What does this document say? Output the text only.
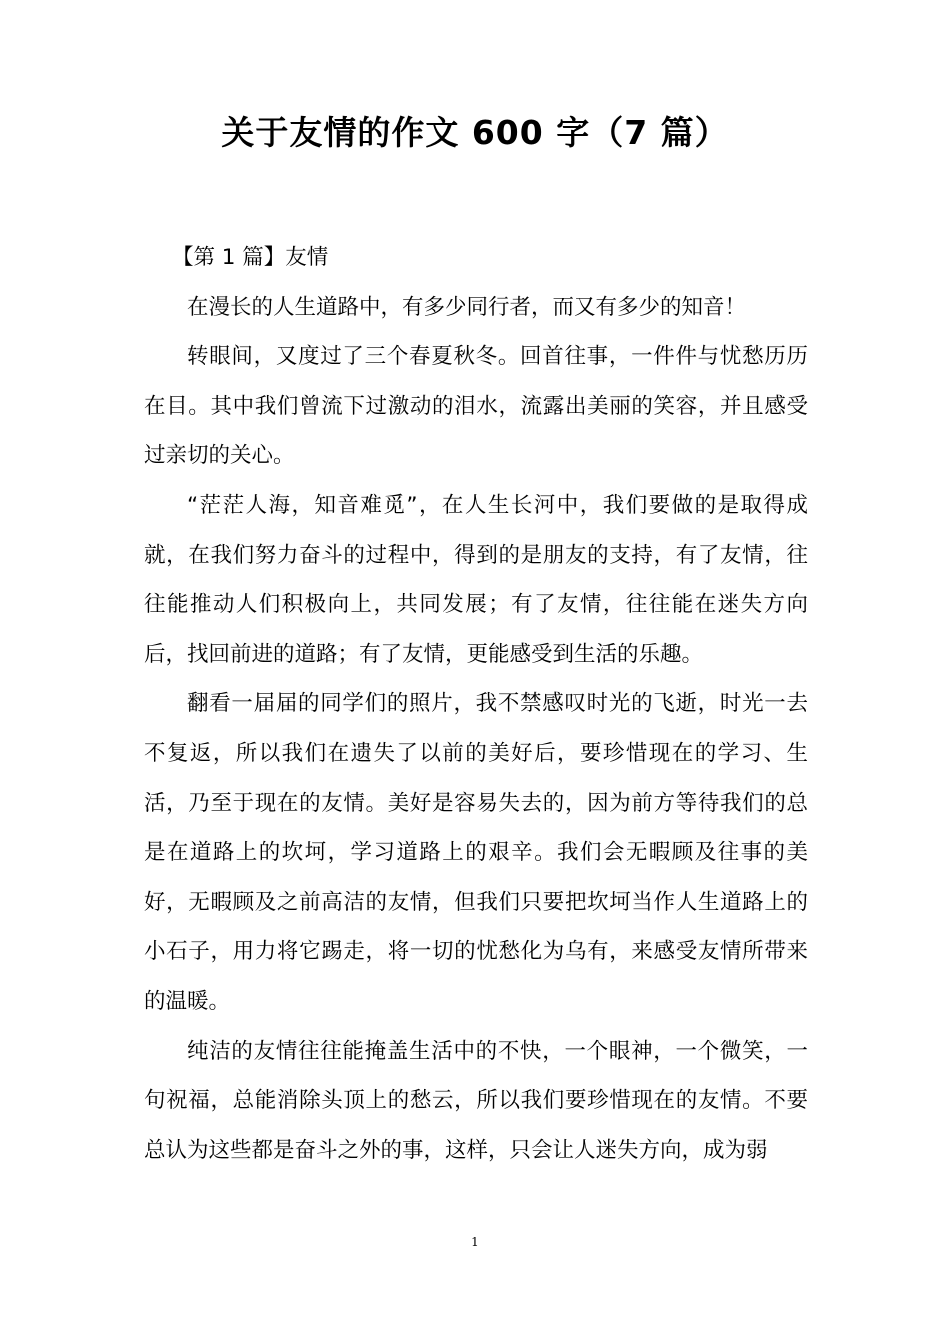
关于友情的作文 600 字（7 篇）

【第 1 篇】友情

在漫长的人生道路中，有多少同行者，而又有多少的知音！

转眼间，又度过了三个春夏秋冬。回首往事，一件件与忧愁历历在目。其中我们曾流下过激动的泪水，流露出美丽的笑容，并且感受过亲切的关心。

“茫茫人海，知音难觅”，在人生长河中，我们要做的是取得成就，在我们努力奋斗的过程中，得到的是朋友的支持，有了友情，往往能推动人们积极向上，共同发展；有了友情，往往能在迷失方向后，找回前进的道路；有了友情，更能感受到生活的乐趣。

翻看一届届的同学们的照片，我不禁感叹时光的飞逝，时光一去不复返，所以我们在遗失了以前的美好后，要珍惜现在的学习、生活，乃至于现在的友情。美好是容易失去的，因为前方等待我们的总是在道路上的坎坷，学习道路上的艰辛。我们会无暇顾及往事的美好，无暇顾及之前高洁的友情，但我们只要把坎坷当作人生道路上的小石子，用力将它踢走，将一切的忧愁化为乌有，来感受友情所带来的温暖。

纯洁的友情往往能掩盖生活中的不快，一个眼神，一个微笑，一句祝福，总能消除头顶上的愁云，所以我们要珍惜现在的友情。不要总认为这些都是奋斗之外的事，这样，只会让人迷失方向，成为弱

1
